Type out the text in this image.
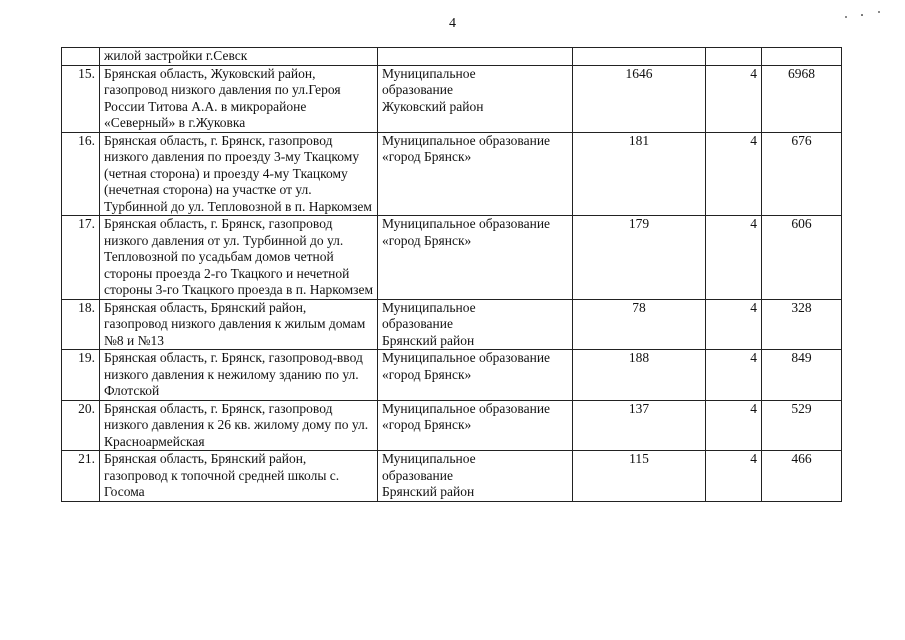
4
	жилой застройки г.Севск				
15.	Брянская область, Жуковский район, газопровод низкого давления по ул.Героя России Титова А.А. в микрорайоне «Северный» в г.Жуковка	Муниципальное образование Жуковский район	1646	4	6968
16.	Брянская область, г. Брянск, газопровод низкого давления по проезду 3-му Ткацкому (четная сторона) и проезду 4-му Ткацкому (нечетная сторона) на участке от ул. Турбинной до ул. Тепловозной в п. Наркомзем	Муниципальное образование «город Брянск»	181	4	676
17.	Брянская область, г. Брянск, газопровод низкого давления от ул. Турбинной до ул. Тепловозной по усадьбам домов четной стороны проезда 2-го Ткацкого и нечетной стороны 3-го Ткацкого проезда в п. Наркомзем	Муниципальное образование «город Брянск»	179	4	606
18.	Брянская область, Брянский район, газопровод низкого давления к жилым домам №8 и №13	Муниципальное образование Брянский район	78	4	328
19.	Брянская область, г. Брянск, газопровод-ввод низкого давления к нежилому зданию по ул. Флотской	Муниципальное образование «город Брянск»	188	4	849
20.	Брянская область, г. Брянск, газопровод низкого давления к 26 кв. жилому дому по ул. Красноармейская	Муниципальное образование «город Брянск»	137	4	529
21.	Брянская область, Брянский район, газопровод к топочной средней школы с. Госома	Муниципальное образование Брянский район	115	4	466
